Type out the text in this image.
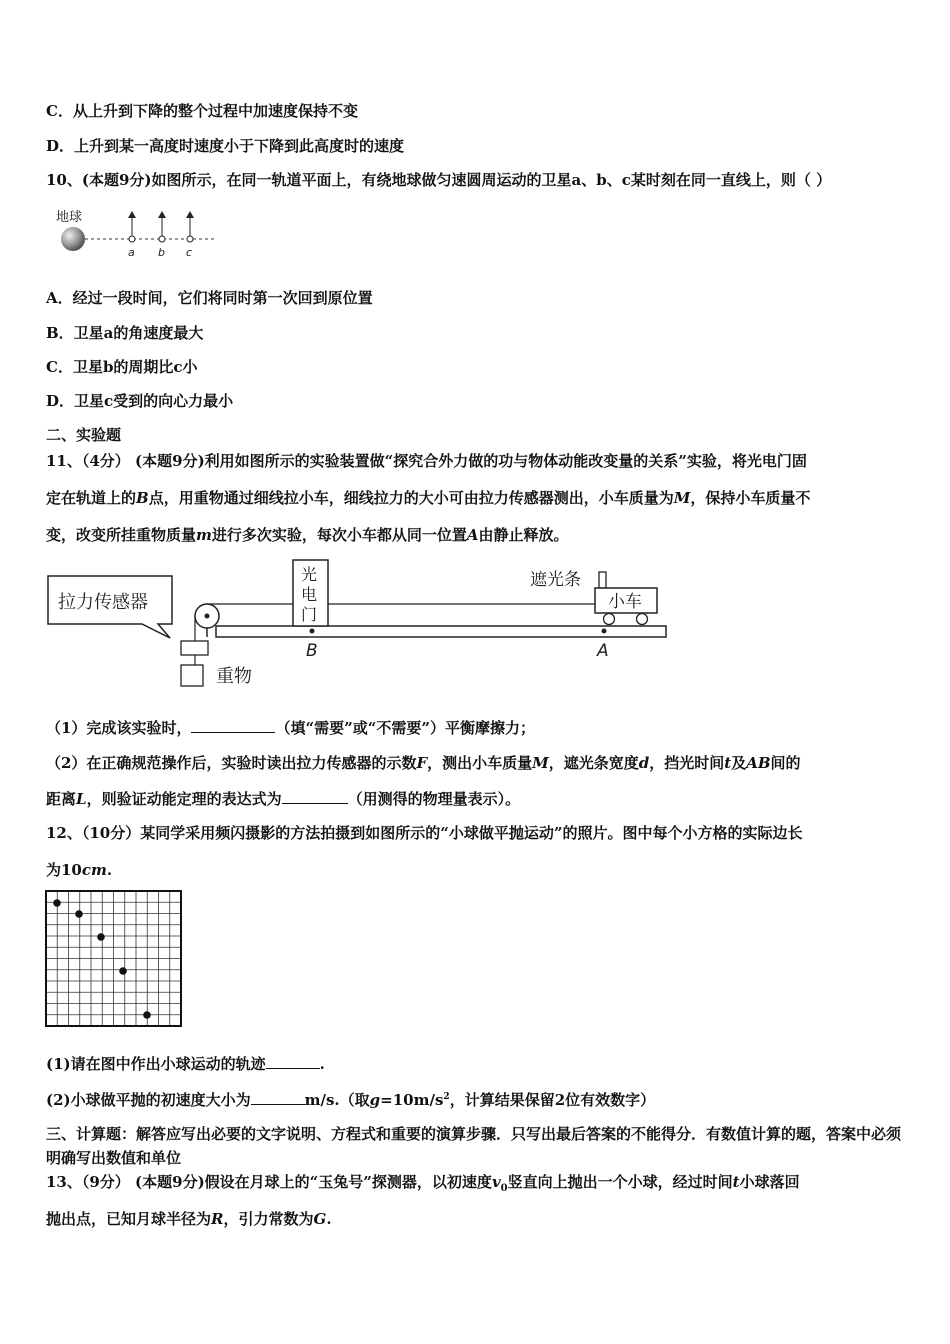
C．从上升到下降的整个过程中加速度保持不变
D．上升到某一高度时速度小于下降到此高度时的速度
10、(本题9分)如图所示，在同一轨道平面上，有绕地球做匀速圆周运动的卫星a、b、c某时刻在同一直线上，则（ ）
地球
a b c
A．经过一段时间，它们将同时第一次回到原位置
B．卫星a的角速度最大
C．卫星b的周期比c小
D．卫星c受到的向心力最小
二、实验题
11、（4分） (本题9分)利用如图所示的实验装置做“探究合外力做的功与物体动能改变量的关系”实验，将光电门固
定在轨道上的B点，用重物通过细线拉小车，细线拉力的大小可由拉力传感器测出，小车质量为M，保持小车质量不
变，改变所挂重物质量m进行多次实验，每次小车都从同一位置A由静止释放。
拉力传感器
重物
光
电
门
B
遮光条
小车
A
（1）完成该实验时，	（填“需要”或“不需要”）平衡摩擦力；
（2）在正确规范操作后，实验时读出拉力传感器的示数F，测出小车质量M，遮光条宽度d，挡光时间t及AB间的
距离L，则验证动能定理的表达式为	（用测得的物理量表示）。
12、（10分）某同学采用频闪摄影的方法拍摄到如图所示的“小球做平抛运动”的照片。图中每个小方格的实际边长
为10cm.
(1)请在图中作出小球运动的轨迹	.
(2)小球做平抛的初速度大小为	m/s.（取$g=10m/s^2$，计算结果保留2位有效数字）
三、计算题：解答应写出必要的文字说明、方程式和重要的演算步骤．只写出最后答案的不能得分．有数值计算的题，答案中必须明确写出数值和单位
13、（9分） (本题9分)假设在月球上的“玉兔号”探测器，以初速度$v_0$竖直向上抛出一个小球，经过时间t小球落回
抛出点，已知月球半径为R，引力常数为G.
